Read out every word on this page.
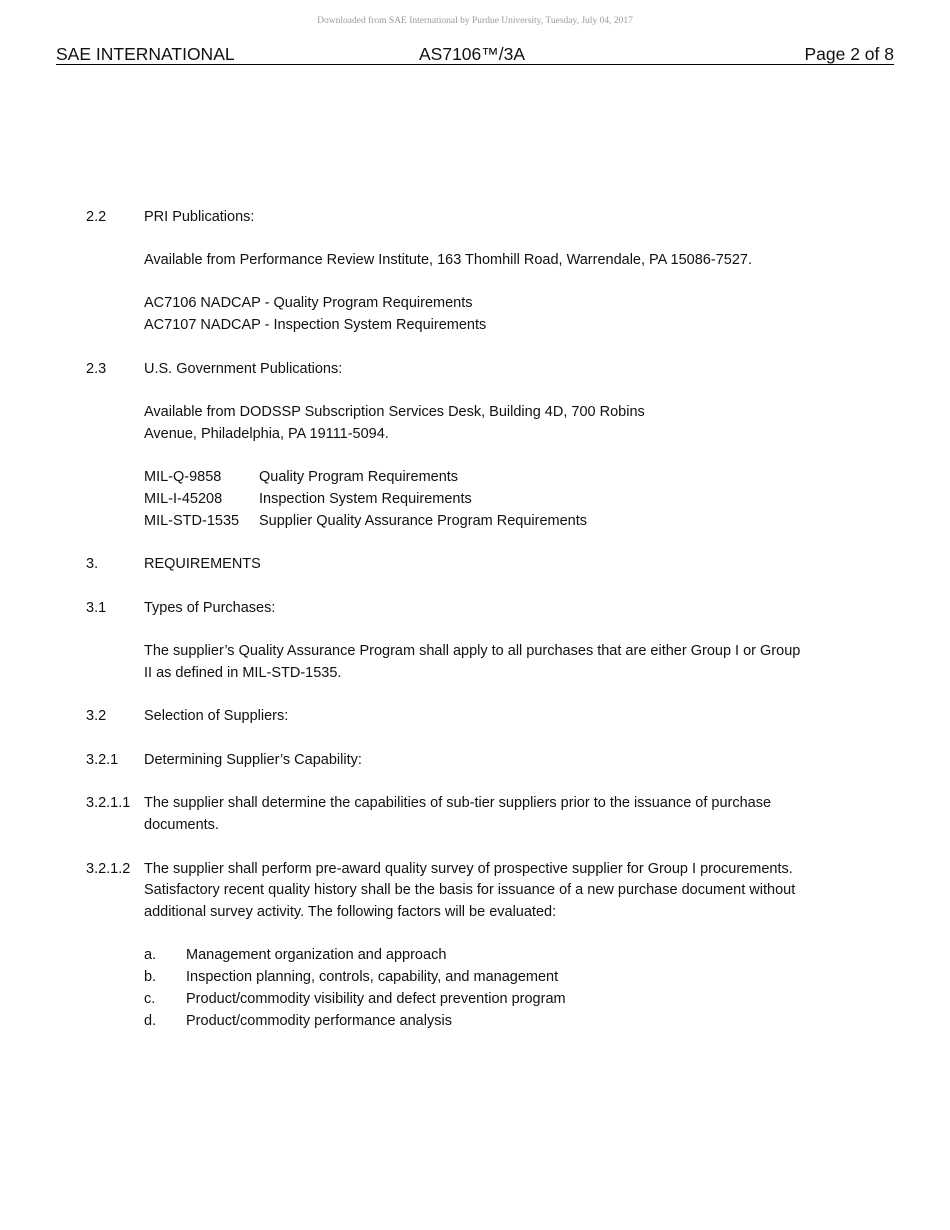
Downloaded from SAE International by Purdue University, Tuesday, July 04, 2017
SAE INTERNATIONAL	AS7106™/3A	Page 2 of 8
2.2	PRI Publications:
Available from Performance Review Institute, 163 Thomhill Road, Warrendale, PA 15086-7527.
AC7106 NADCAP - Quality Program Requirements
AC7107 NADCAP - Inspection System Requirements
2.3	U.S. Government Publications:
Available from DODSSP Subscription Services Desk, Building 4D, 700 Robins
Avenue, Philadelphia, PA 19111-5094.
MIL-Q-9858	Quality Program Requirements
MIL-I-45208	Inspection System Requirements
MIL-STD-1535 Supplier Quality Assurance Program Requirements
3.	REQUIREMENTS
3.1	Types of Purchases:
The supplier’s Quality Assurance Program shall apply to all purchases that are either Group I or Group
II as defined in MIL-STD-1535.
3.2	Selection of Suppliers:
3.2.1 Determining Supplier’s Capability:
3.2.1.1 The supplier shall determine the capabilities of sub-tier suppliers prior to the issuance of purchase
documents.
3.2.1.2 The supplier shall perform pre-award quality survey of prospective supplier for Group I procurements.
Satisfactory recent quality history shall be the basis for issuance of a new purchase document without
additional survey activity. The following factors will be evaluated:
a. Management organization and approach
b. Inspection planning, controls, capability, and management
c. Product/commodity visibility and defect prevention program
d. Product/commodity performance analysis
